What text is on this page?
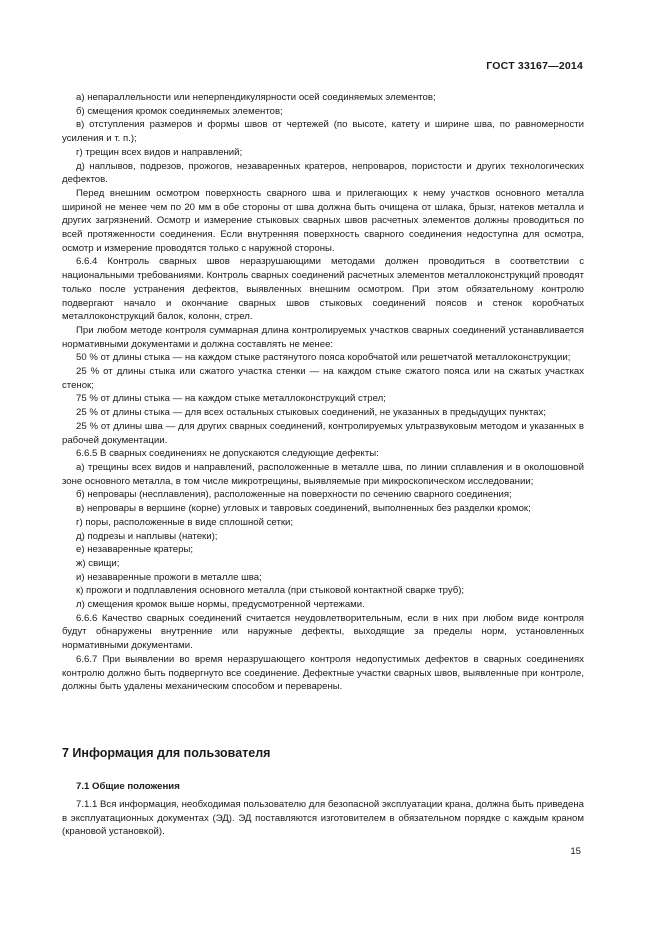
ГОСТ 33167—2014

а) непараллельности или неперпендикулярности осей соединяемых элементов;

б) смещения кромок соединяемых элементов;

в) отступления размеров и формы швов от чертежей (по высоте, катету и ширине шва, по равномерности усиления и т. п.);

г) трещин всех видов и направлений;

д) наплывов, подрезов, прожогов, незаваренных кратеров, непроваров, пористости и других технологических дефектов.

Перед внешним осмотром поверхность сварного шва и прилегающих к нему участков основного металла шириной не менее чем по 20 мм в обе стороны от шва должна быть очищена от шлака, брызг, натеков металла и других загрязнений. Осмотр и измерение стыковых сварных швов расчетных элементов должны проводиться по всей протяженности соединения. Если внутренняя поверхность сварного соединения недоступна для осмотра, осмотр и измерение проводятся только с наружной стороны.

6.6.4 Контроль сварных швов неразрушающими методами должен проводиться в соответствии с национальными требованиями. Контроль сварных соединений расчетных элементов металлоконструкций проводят только после устранения дефектов, выявленных внешним осмотром. При этом обязательному контролю подвергают начало и окончание сварных швов стыковых соединений поясов и стенок коробчатых металлоконструкций балок, колонн, стрел.

При любом методе контроля суммарная длина контролируемых участков сварных соединений устанавливается нормативными документами и должна составлять не менее:

50 % от длины стыка — на каждом стыке растянутого пояса коробчатой или решетчатой металлоконструкции;

25 % от длины стыка или сжатого участка стенки — на каждом стыке сжатого пояса или на сжатых участках стенок;

75 % от длины стыка — на каждом стыке металлоконструкций стрел;

25 % от длины стыка — для всех остальных стыковых соединений, не указанных в предыдущих пунктах;

25 % от длины шва — для других сварных соединений, контролируемых ультразвуковым методом и указанных в рабочей документации.

6.6.5 В сварных соединениях не допускаются следующие дефекты:

а) трещины всех видов и направлений, расположенные в металле шва, по линии сплавления и в околошовной зоне основного металла, в том числе микротрещины, выявляемые при микроскопическом исследовании;

б) непровары (несплавления), расположенные на поверхности по сечению сварного соединения;

в) непровары в вершине (корне) угловых и тавровых соединений, выполненных без разделки кромок;

г) поры, расположенные в виде сплошной сетки;

д) подрезы и наплывы (натеки);

е) незаваренные кратеры;

ж) свищи;

и) незаваренные прожоги в металле шва;

к) прожоги и подплавления основного металла (при стыковой контактной сварке труб);

л) смещения кромок выше нормы, предусмотренной чертежами.

6.6.6 Качество сварных соединений считается неудовлетворительным, если в них при любом виде контроля будут обнаружены внутренние или наружные дефекты, выходящие за пределы норм, установленных нормативными документами.

6.6.7 При выявлении во время неразрушающего контроля недопустимых дефектов в сварных соединениях контролю должно быть подвергнуто все соединение. Дефектные участки сварных швов, выявленные при контроле, должны быть удалены механическим способом и переварены.

7 Информация для пользователя
7.1 Общие положения

7.1.1 Вся информация, необходимая пользователю для безопасной эксплуатации крана, должна быть приведена в эксплуатационных документах (ЭД). ЭД поставляются изготовителем в обязательном порядке с каждым краном (крановой установкой).

15
